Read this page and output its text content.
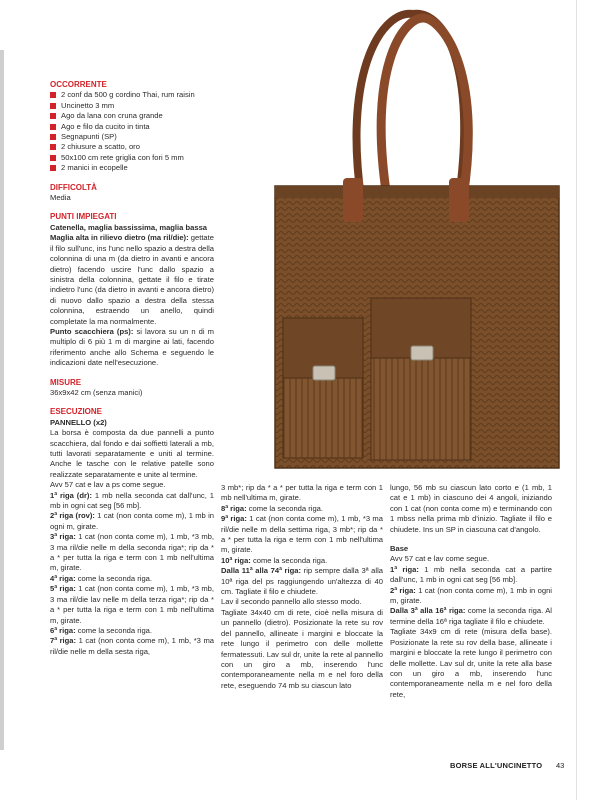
OCCORRENTE
2 conf da 500 g cordino Thai, rum raisin
Uncinetto 3 mm
Ago da lana con cruna grande
Ago e filo da cucito in tinta
Segnapunti (SP)
2 chiusure a scatto, oro
50x100 cm rete griglia con fori 5 mm
2 manici in ecopelle
DIFFICOLTÀ

Media

PUNTI IMPIEGATI

Catenella, maglia bassissima, maglia bassa

Maglia alta in rilievo dietro (ma ril/die): gettate il filo sull'unc, ins l'unc nello spazio a destra della colonnina di una m (da dietro in avanti e ancora dietro) facendo uscire l'unc dallo spazio a sinistra della colonnina, gettate il filo e tirate indietro l'unc (da dietro in avanti e ancora dietro) di nuovo dallo spazio a destra della stessa colonnina, estraendo un anello, quindi completate la ma normalmente.

Punto scacchiera (ps): si lavora su un n di m multiplo di 6 più 1 m di margine ai lati, facendo riferimento anche allo Schema e seguendo le indicazioni date nell'esecuzione.

MISURE

36x9x42 cm (senza manici)

ESECUZIONE

PANNELLO (x2)

La borsa è composta da due pannelli a punto scacchiera, dal fondo e dai soffietti laterali a mb, tutti lavorati separatamente e uniti al termine. Anche le tasche con le relative patelle sono realizzate separatamente e unite al termine.

Avv 57 cat e lav a ps come segue.

1ª riga (dr): 1 mb nella seconda cat dall'unc, 1 mb in ogni cat seg [56 mb].

2ª riga (rov): 1 cat (non conta come m), 1 mb in ogni m, girate.

3ª riga: 1 cat (non conta come m), 1 mb, *3 mb, 3 ma ril/die nelle m della seconda riga*; rip da * a * per tutta la riga e term con 1 mb nell'ultima m, girate.

4ª riga: come la seconda riga.

5ª riga: 1 cat (non conta come m), 1 mb, *3 mb, 3 ma ril/die lav nelle m della terza riga*; rip da * a * per tutta la riga e term con 1 mb nell'ultima m, girate.

6ª riga: come la seconda riga.

7ª riga: 1 cat (non conta come m), 1 mb, *3 ma ril/die nelle m della sesta riga,

3 mb*; rip da * a * per tutta la riga e term con 1 mb nell'ultima m, girate.

8ª riga: come la seconda riga.

9ª riga: 1 cat (non conta come m), 1 mb, *3 ma ril/die nelle m della settima riga, 3 mb*; rip da * a * per tutta la riga e term con 1 mb nell'ultima m, girate.

10ª riga: come la seconda riga.

Dalla 11ª alla 74ª riga: rip sempre dalla 3ª alla 10ª riga del ps raggiungendo un'altezza di 40 cm. Tagliate il filo e chiudete.

Lav il secondo pannello allo stesso modo.

Tagliate 34x40 cm di rete, cioè nella misura di un pannello (dietro). Posizionate la rete su rov del pannello, allineate i margini e bloccate la rete lungo il perimetro con delle mollette fermatessuti. Lav sul dr, unite la rete al pannello con un giro a mb, inserendo l'unc contemporaneamente nella m e nel foro della rete, eseguendo 74 mb su ciascun lato

lungo, 56 mb su ciascun lato corto e (1 mb, 1 cat e 1 mb) in ciascuno dei 4 angoli, iniziando con 1 cat (non conta come m) e terminando con 1 mbss nella prima mb d'inizio. Tagliate il filo e chiudete. Ins un SP in ciascuna cat d'angolo.

Base

Avv 57 cat e lav come segue.

1ª riga: 1 mb nella seconda cat a partire dall'unc, 1 mb in ogni cat seg [56 mb].

2ª riga: 1 cat (non conta come m), 1 mb in ogni m, girate.

Dalla 3ª alla 16ª riga: come la seconda riga. Al termine della 16ª riga tagliate il filo e chiudete.

Tagliate 34x9 cm di rete (misura della base). Posizionate la rete su rov della base, allineate i margini e bloccate la rete lungo il perimetro con delle mollette. Lav sul dr, unite la rete alla base con un giro a mb, inserendo l'unc contemporaneamente nella m e nel foro della rete,

BORSE ALL'UNCINETTO 43
